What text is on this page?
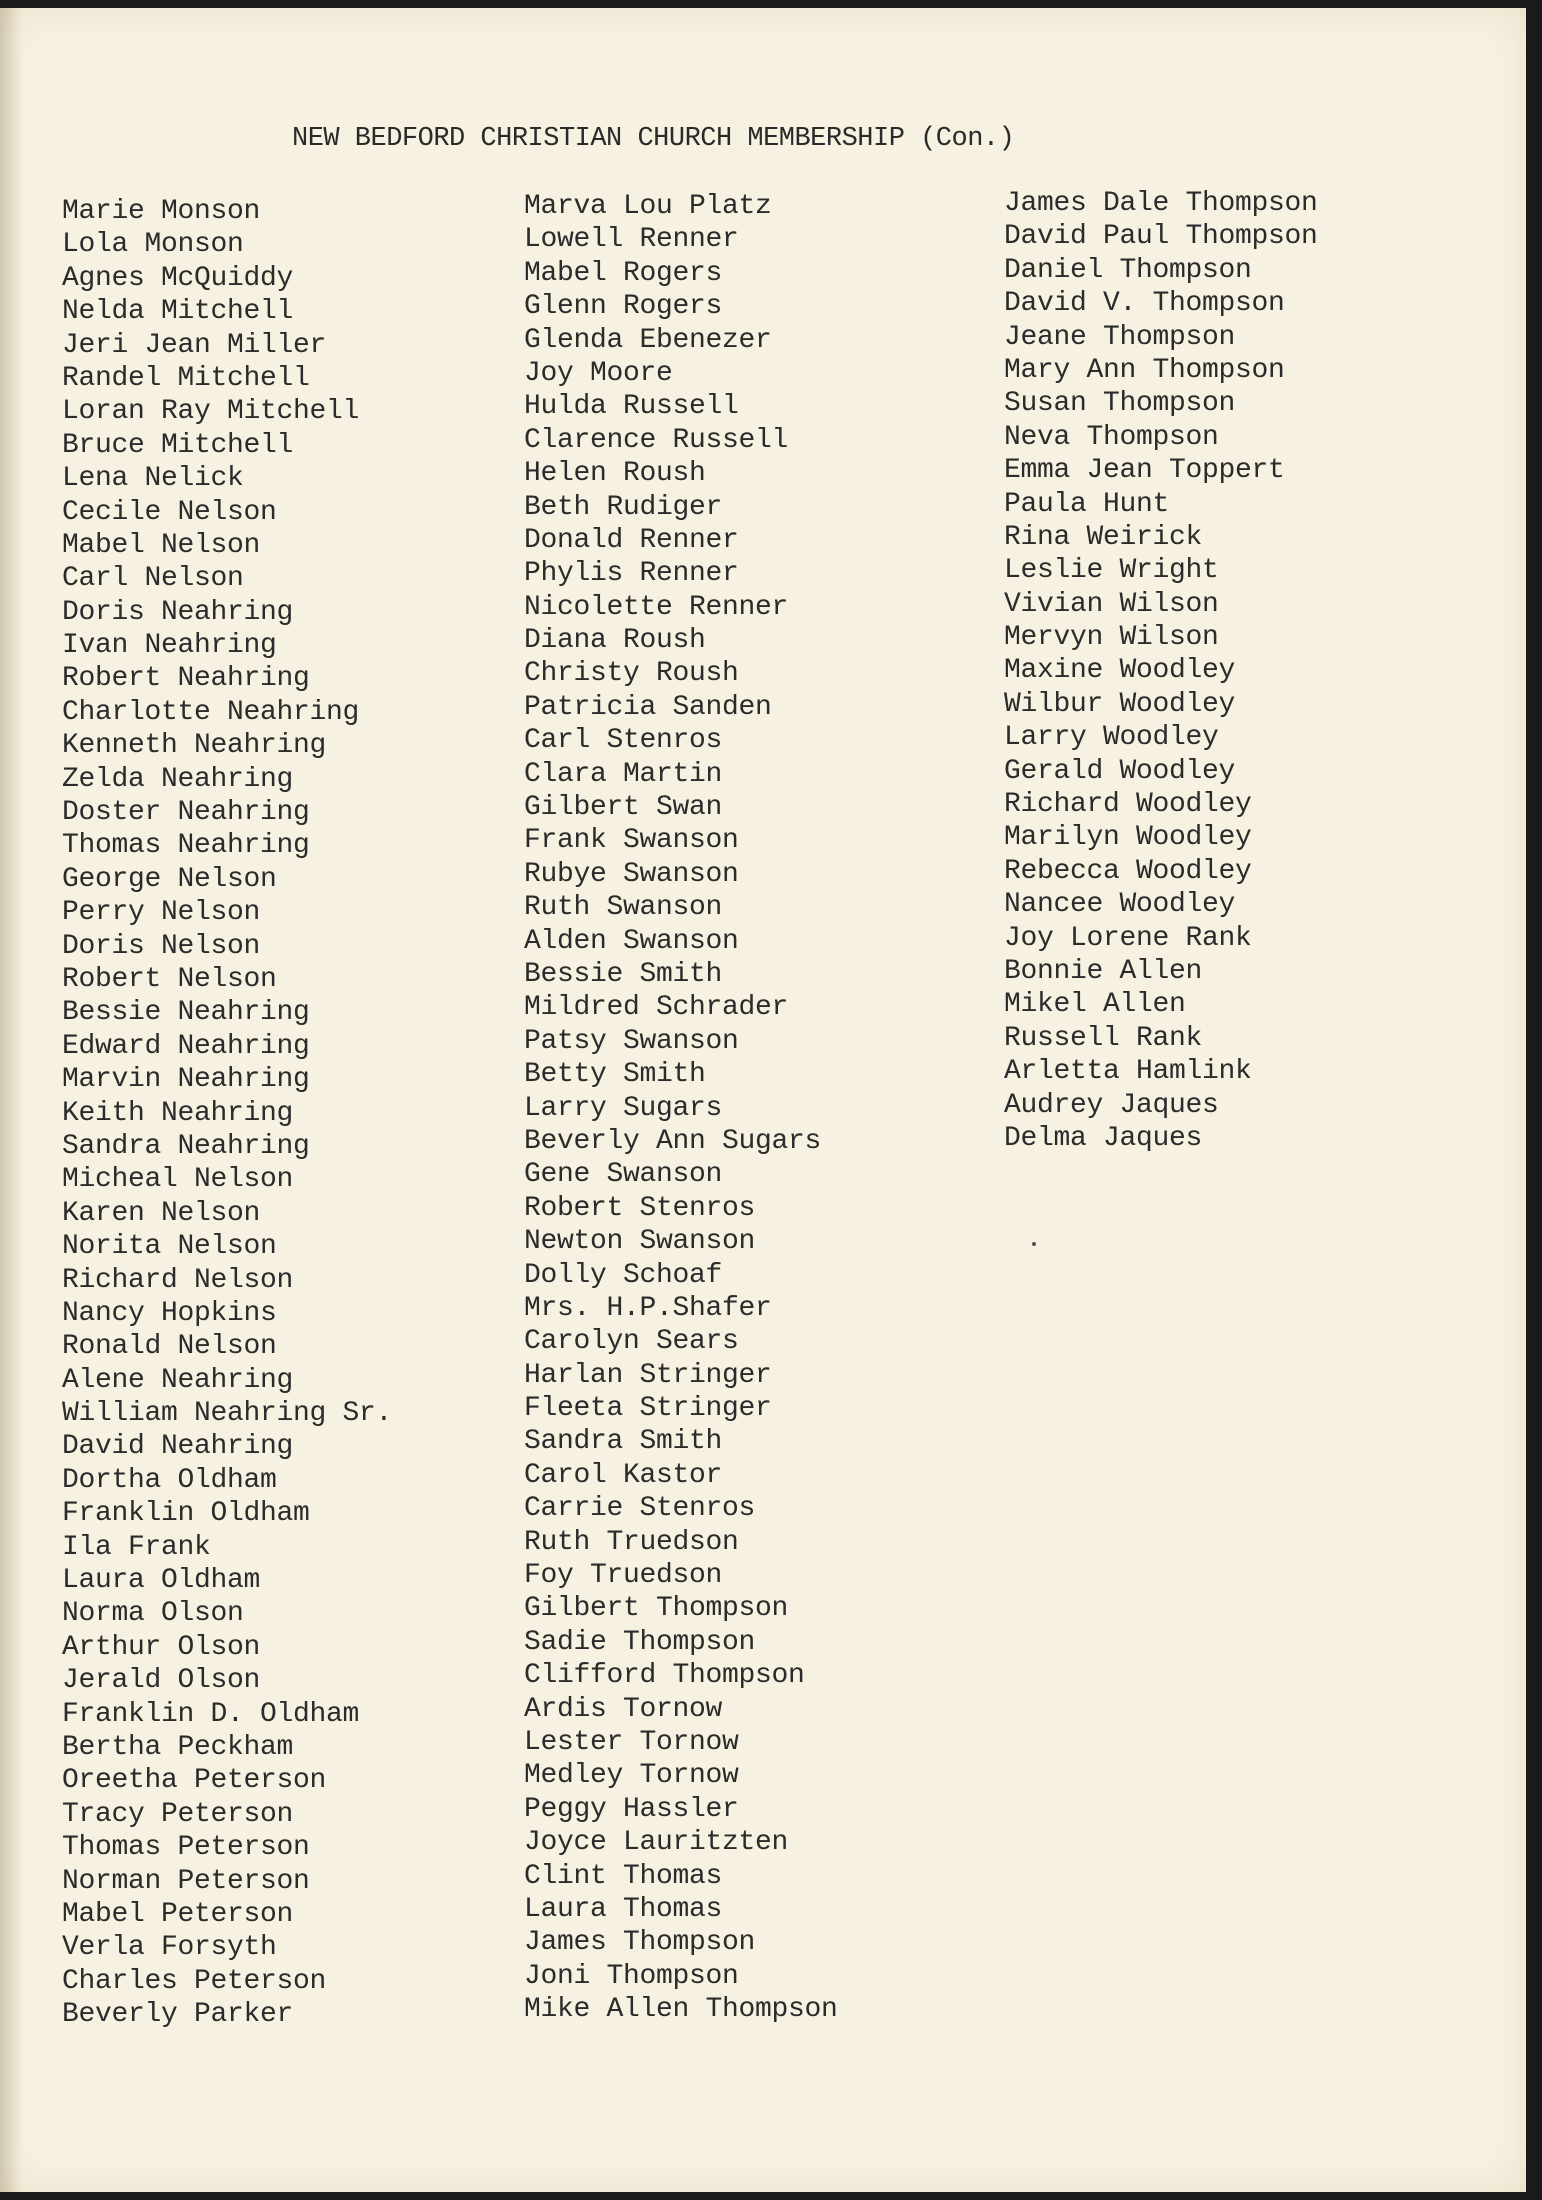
NEW BEDFORD CHRISTIAN CHURCH MEMBERSHIP (Con.)
Marie Monson
Lola Monson
Agnes McQuiddy
Nelda Mitchell
Jeri Jean Miller
Randel Mitchell
Loran Ray Mitchell
Bruce Mitchell
Lena Nelick
Cecile Nelson
Mabel Nelson
Carl Nelson
Doris Neahring
Ivan Neahring
Robert Neahring
Charlotte Neahring
Kenneth Neahring
Zelda Neahring
Doster Neahring
Thomas Neahring
George Nelson
Perry Nelson
Doris Nelson
Robert Nelson
Bessie Neahring
Edward Neahring
Marvin Neahring
Keith Neahring
Sandra Neahring
Micheal Nelson
Karen Nelson
Norita Nelson
Richard Nelson
Nancy Hopkins
Ronald Nelson
Alene Neahring
William Neahring Sr.
David Neahring
Dortha Oldham
Franklin Oldham
Ila Frank
Laura Oldham
Norma Olson
Arthur Olson
Jerald Olson
Franklin D. Oldham
Bertha Peckham
Oreetha Peterson
Tracy Peterson
Thomas Peterson
Norman Peterson
Mabel Peterson
Verla Forsyth
Charles Peterson
Beverly Parker
Marva Lou Platz
Lowell Renner
Mabel Rogers
Glenn Rogers
Glenda Ebenezer
Joy Moore
Hulda Russell
Clarence Russell
Helen Roush
Beth Rudiger
Donald Renner
Phylis Renner
Nicolette Renner
Diana Roush
Christy Roush
Patricia Sanden
Carl Stenros
Clara Martin
Gilbert Swan
Frank Swanson
Rubye Swanson
Ruth Swanson
Alden Swanson
Bessie Smith
Mildred Schrader
Patsy Swanson
Betty Smith
Larry Sugars
Beverly Ann Sugars
Gene Swanson
Robert Stenros
Newton Swanson
Dolly Schoaf
Mrs. H.P.Shafer
Carolyn Sears
Harlan Stringer
Fleeta Stringer
Sandra Smith
Carol Kastor
Carrie Stenros
Ruth Truedson
Foy Truedson
Gilbert Thompson
Sadie Thompson
Clifford Thompson
Ardis Tornow
Lester Tornow
Medley Tornow
Peggy Hassler
Joyce Lauritzten
Clint Thomas
Laura Thomas
James Thompson
Joni Thompson
Mike Allen Thompson
James Dale Thompson
David Paul Thompson
Daniel Thompson
David V. Thompson
Jeane Thompson
Mary Ann Thompson
Susan Thompson
Neva Thompson
Emma Jean Toppert
Paula Hunt
Rina Weirick
Leslie Wright
Vivian Wilson
Mervyn Wilson
Maxine Woodley
Wilbur Woodley
Larry Woodley
Gerald Woodley
Richard Woodley
Marilyn Woodley
Rebecca Woodley
Nancee Woodley
Joy Lorene Rank
Bonnie Allen
Mikel Allen
Russell Rank
Arletta Hamlink
Audrey Jaques
Delma Jaques
